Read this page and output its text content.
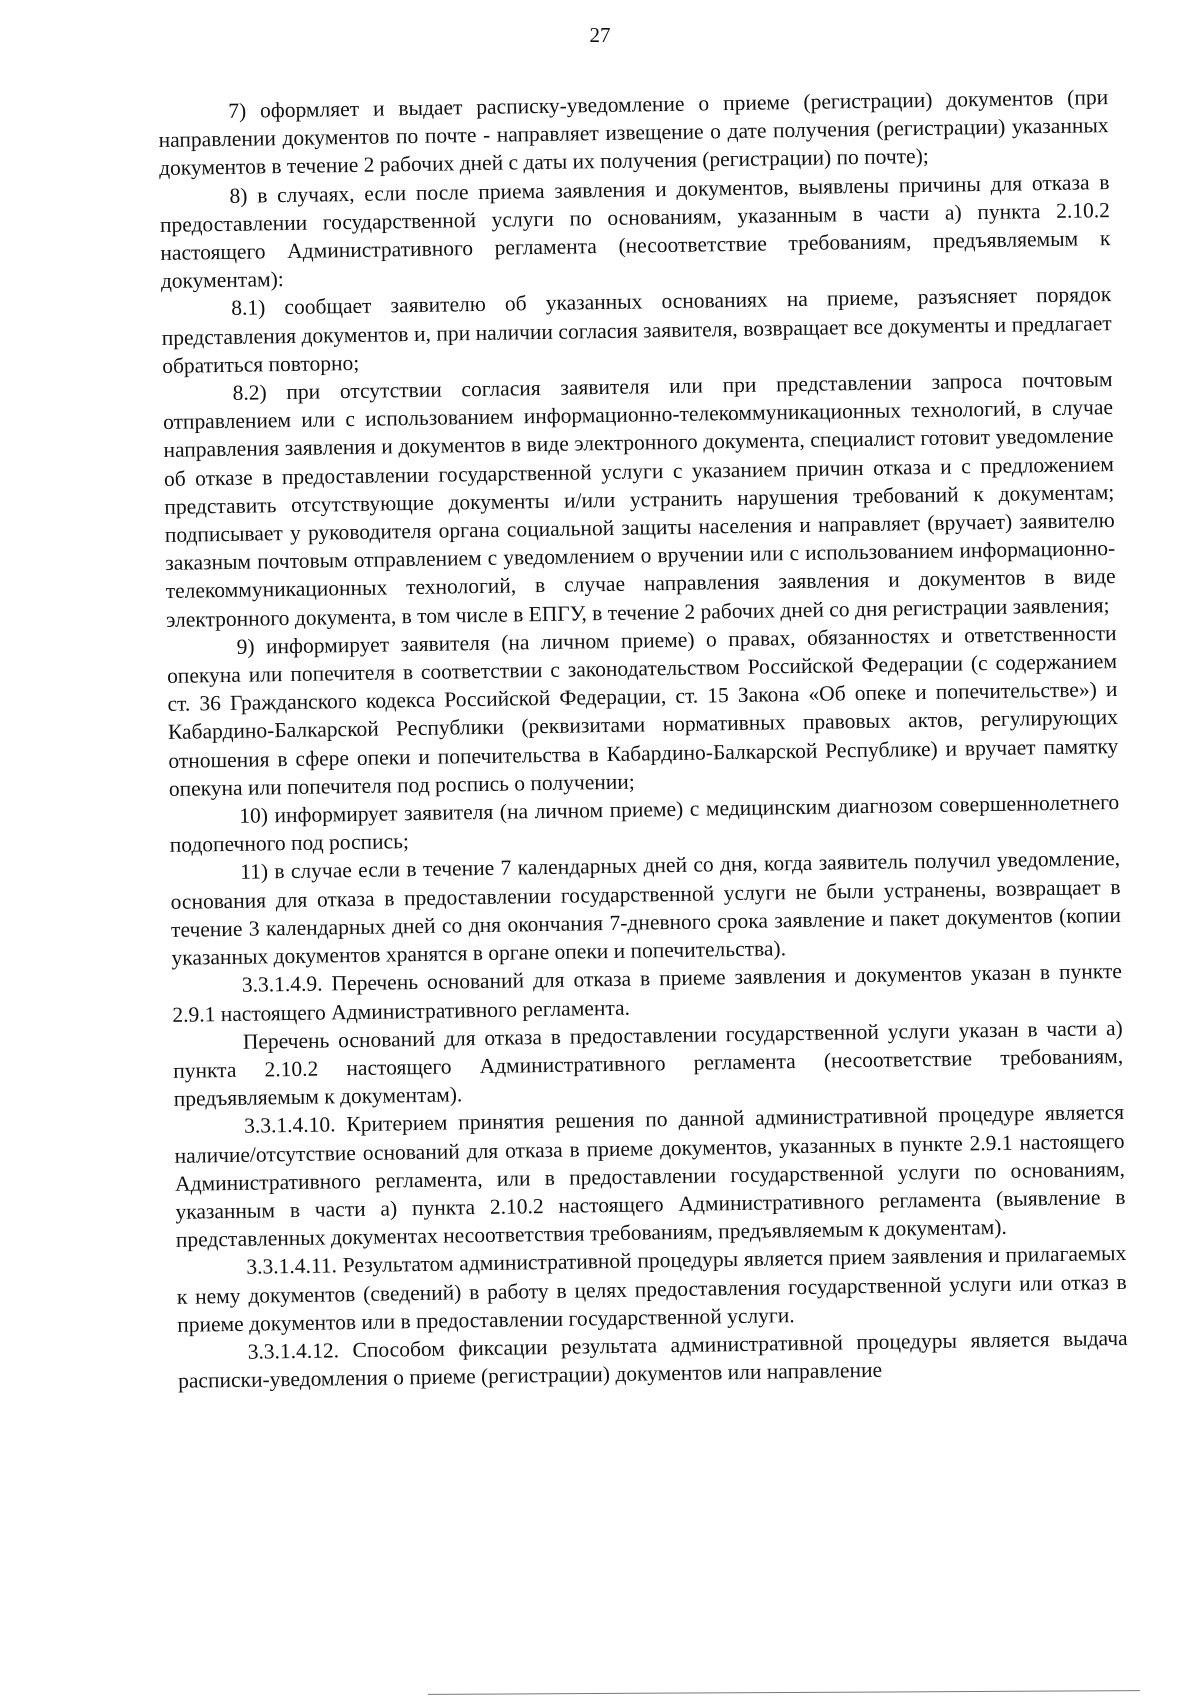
27

7) оформляет и выдает расписку-уведомление о приеме (регистрации) документов (при направлении документов по почте - направляет извещение о дате получения (регистрации) указанных документов в течение 2 рабочих дней с даты их получения (регистрации) по почте);

8) в случаях, если после приема заявления и документов, выявлены причины для отказа в предоставлении государственной услуги по основаниям, указанным в части а) пункта 2.10.2 настоящего Административного регламента (несоответствие требованиям, предъявляемым к документам):

8.1) сообщает заявителю об указанных основаниях на приеме, разъясняет порядок представления документов и, при наличии согласия заявителя, возвращает все документы и предлагает обратиться повторно;

8.2) при отсутствии согласия заявителя или при представлении запроса почтовым отправлением или с использованием информационно-телекоммуникационных технологий, в случае направления заявления и документов в виде электронного документа, специалист готовит уведомление об отказе в предоставлении государственной услуги с указанием причин отказа и с предложением представить отсутствующие документы и/или устранить нарушения требований к документам; подписывает у руководителя органа социальной защиты населения и направляет (вручает) заявителю заказным почтовым отправлением с уведомлением о вручении или с использованием информационно-телекоммуникационных технологий, в случае направления заявления и документов в виде электронного документа, в том числе в ЕПГУ, в течение 2 рабочих дней со дня регистрации заявления;

9) информирует заявителя (на личном приеме) о правах, обязанностях и ответственности опекуна или попечителя в соответствии с законодательством Российской Федерации (с содержанием ст. 36 Гражданского кодекса Российской Федерации, ст. 15 Закона «Об опеке и попечительстве») и Кабардино-Балкарской Республики (реквизитами нормативных правовых актов, регулирующих отношения в сфере опеки и попечительства в Кабардино-Балкарской Республике) и вручает памятку опекуна или попечителя под роспись о получении;

10) информирует заявителя (на личном приеме) с медицинским диагнозом совершеннолетнего подопечного под роспись;

11) в случае если в течение 7 календарных дней со дня, когда заявитель получил уведомление, основания для отказа в предоставлении государственной услуги не были устранены, возвращает в течение 3 календарных дней со дня окончания 7-дневного срока заявление и пакет документов (копии указанных документов хранятся в органе опеки и попечительства).

3.3.1.4.9. Перечень оснований для отказа в приеме заявления и документов указан в пункте 2.9.1 настоящего Административного регламента.

Перечень оснований для отказа в предоставлении государственной услуги указан в части а) пункта 2.10.2 настоящего Административного регламента (несоответствие требованиям, предъявляемым к документам).

3.3.1.4.10. Критерием принятия решения по данной административной процедуре является наличие/отсутствие оснований для отказа в приеме документов, указанных в пункте 2.9.1 настоящего Административного регламента, или в предоставлении государственной услуги по основаниям, указанным в части а) пункта 2.10.2 настоящего Административного регламента (выявление в представленных документах несоответствия требованиям, предъявляемым к документам).

3.3.1.4.11. Результатом административной процедуры является прием заявления и прилагаемых к нему документов (сведений) в работу в целях предоставления государственной услуги или отказ в приеме документов или в предоставлении государственной услуги.

3.3.1.4.12. Способом фиксации результата административной процедуры является выдача расписки-уведомления о приеме (регистрации) документов или направление
